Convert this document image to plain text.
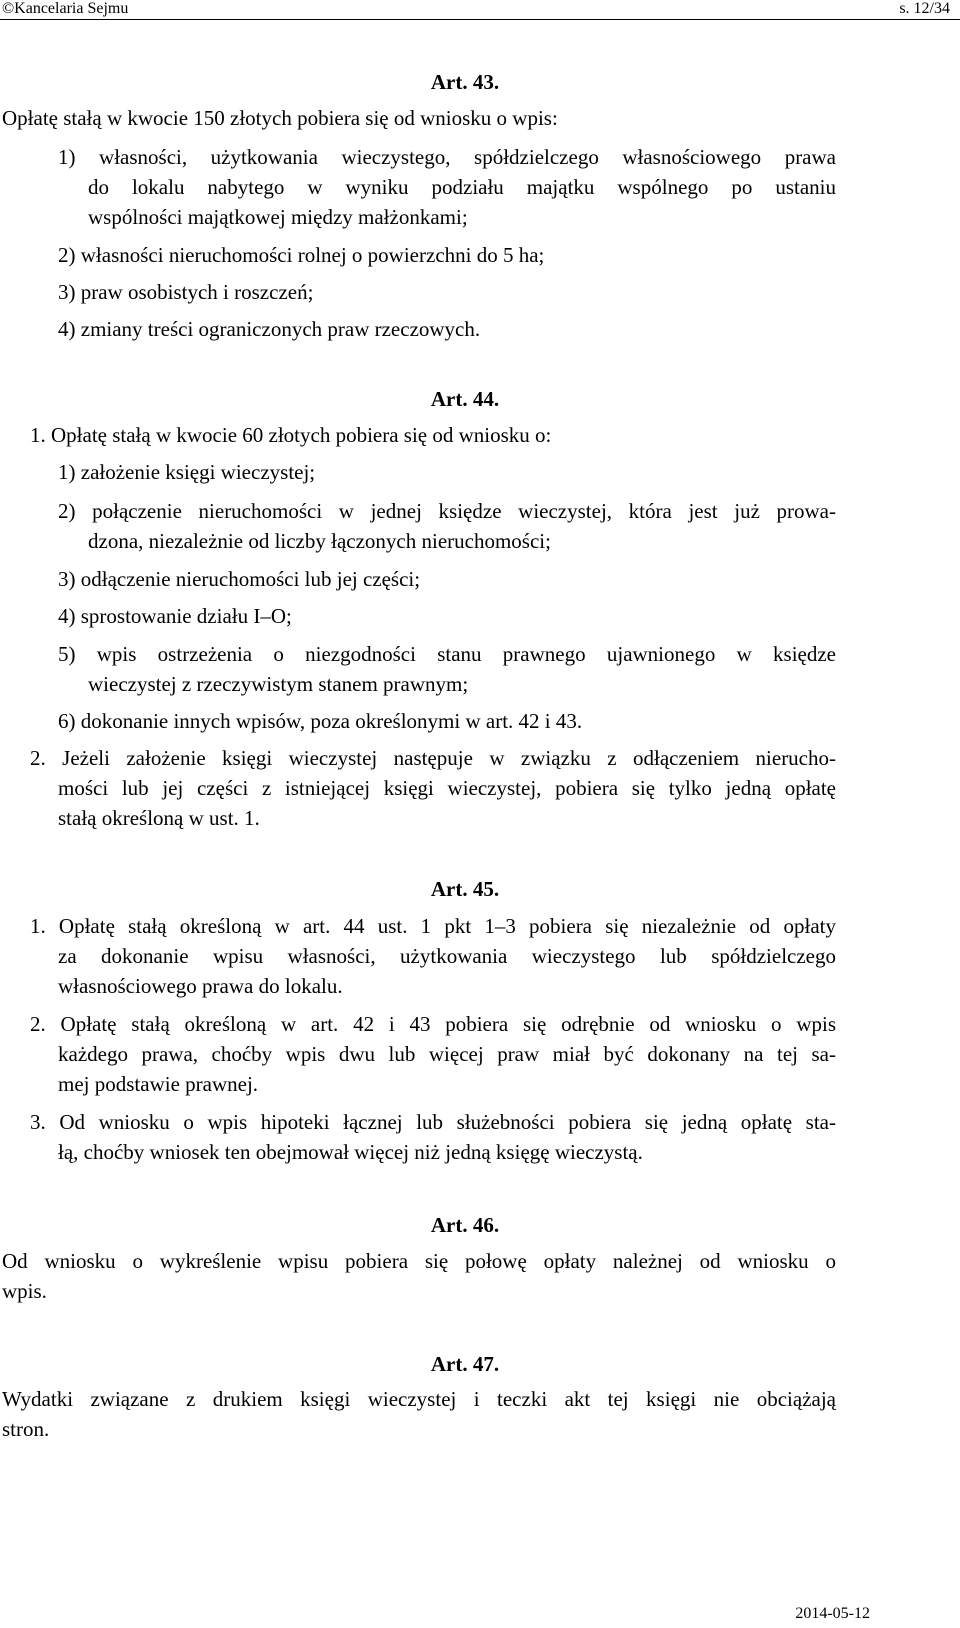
©Kancelaria Sejmu	s. 12/34
Art. 43.
Opłatę stałą w kwocie 150 złotych pobiera się od wniosku o wpis:
1) własności, użytkowania wieczystego, spółdzielczego własnościowego prawa
do lokalu nabytego w wyniku podziału majątku wspólnego po ustaniu
wspólności majątkowej między małżonkami;
2) własności nieruchomości rolnej o powierzchni do 5 ha;
3) praw osobistych i roszczeń;
4) zmiany treści ograniczonych praw rzeczowych.
Art. 44.
1. Opłatę stałą w kwocie 60 złotych pobiera się od wniosku o:
1) założenie księgi wieczystej;
2) połączenie nieruchomości w jednej księdze wieczystej, która jest już prowa-
dzona, niezależnie od liczby łączonych nieruchomości;
3) odłączenie nieruchomości lub jej części;
4) sprostowanie działu I–O;
5) wpis ostrzeżenia o niezgodności stanu prawnego ujawnionego w księdze
wieczystej z rzeczywistym stanem prawnym;
6) dokonanie innych wpisów, poza określonymi w art. 42 i 43.
2. Jeżeli założenie księgi wieczystej następuje w związku z odłączeniem nierucho-
mości lub jej części z istniejącej księgi wieczystej, pobiera się tylko jedną opłatę
stałą określoną w ust. 1.
Art. 45.
1. Opłatę stałą określoną w art. 44 ust. 1 pkt 1–3 pobiera się niezależnie od opłaty
za dokonanie wpisu własności, użytkowania wieczystego lub spółdzielczego
własnościowego prawa do lokalu.
2. Opłatę stałą określoną w art. 42 i 43 pobiera się odrębnie od wniosku o wpis
każdego prawa, choćby wpis dwu lub więcej praw miał być dokonany na tej sa-
mej podstawie prawnej.
3. Od wniosku o wpis hipoteki łącznej lub służebności pobiera się jedną opłatę sta-
łą, choćby wniosek ten obejmował więcej niż jedną księgę wieczystą.
Art. 46.
Od wniosku o wykreślenie wpisu pobiera się połowę opłaty należnej od wniosku o
wpis.
Art. 47.
Wydatki związane z drukiem księgi wieczystej i teczki akt tej księgi nie obciążają
stron.
2014-05-12
